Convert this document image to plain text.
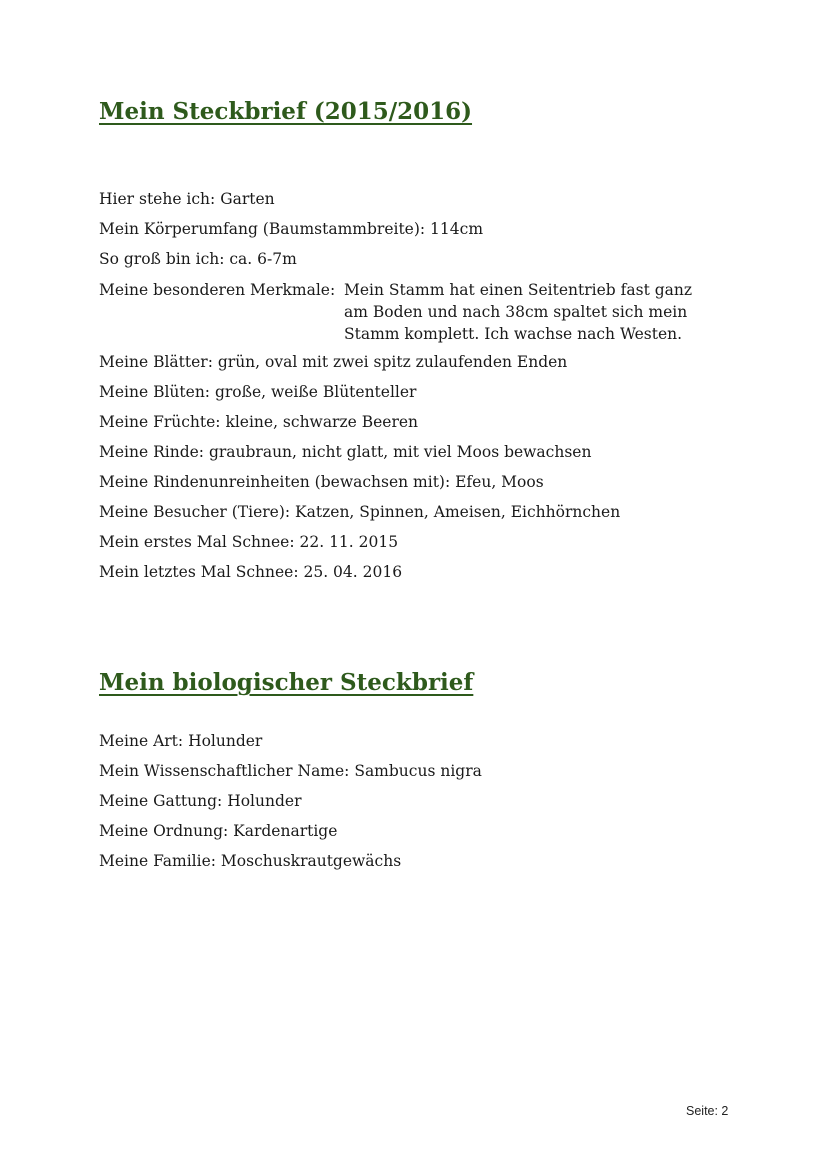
Mein Steckbrief (2015/2016)
Hier stehe ich: Garten
Mein Körperumfang (Baumstammbreite): 114cm
So groß bin ich: ca. 6-7m
Meine besonderen Merkmale: Mein Stamm hat einen Seitentrieb fast ganz am Boden und nach 38cm spaltet sich mein Stamm komplett. Ich wachse nach Westen.
Meine Blätter: grün, oval mit zwei spitz zulaufenden Enden
Meine Blüten: große, weiße Blütenteller
Meine Früchte: kleine, schwarze Beeren
Meine Rinde: graubraun, nicht glatt, mit viel Moos bewachsen
Meine Rindenunreinheiten (bewachsen mit): Efeu, Moos
Meine Besucher (Tiere): Katzen, Spinnen, Ameisen, Eichhörnchen
Mein erstes Mal Schnee: 22. 11. 2015
Mein letztes Mal Schnee: 25. 04. 2016
Mein biologischer Steckbrief
Meine Art: Holunder
Mein Wissenschaftlicher Name: Sambucus nigra
Meine Gattung: Holunder
Meine Ordnung: Kardenartige
Meine Familie: Moschuskrautgewächs
Seite: 2
